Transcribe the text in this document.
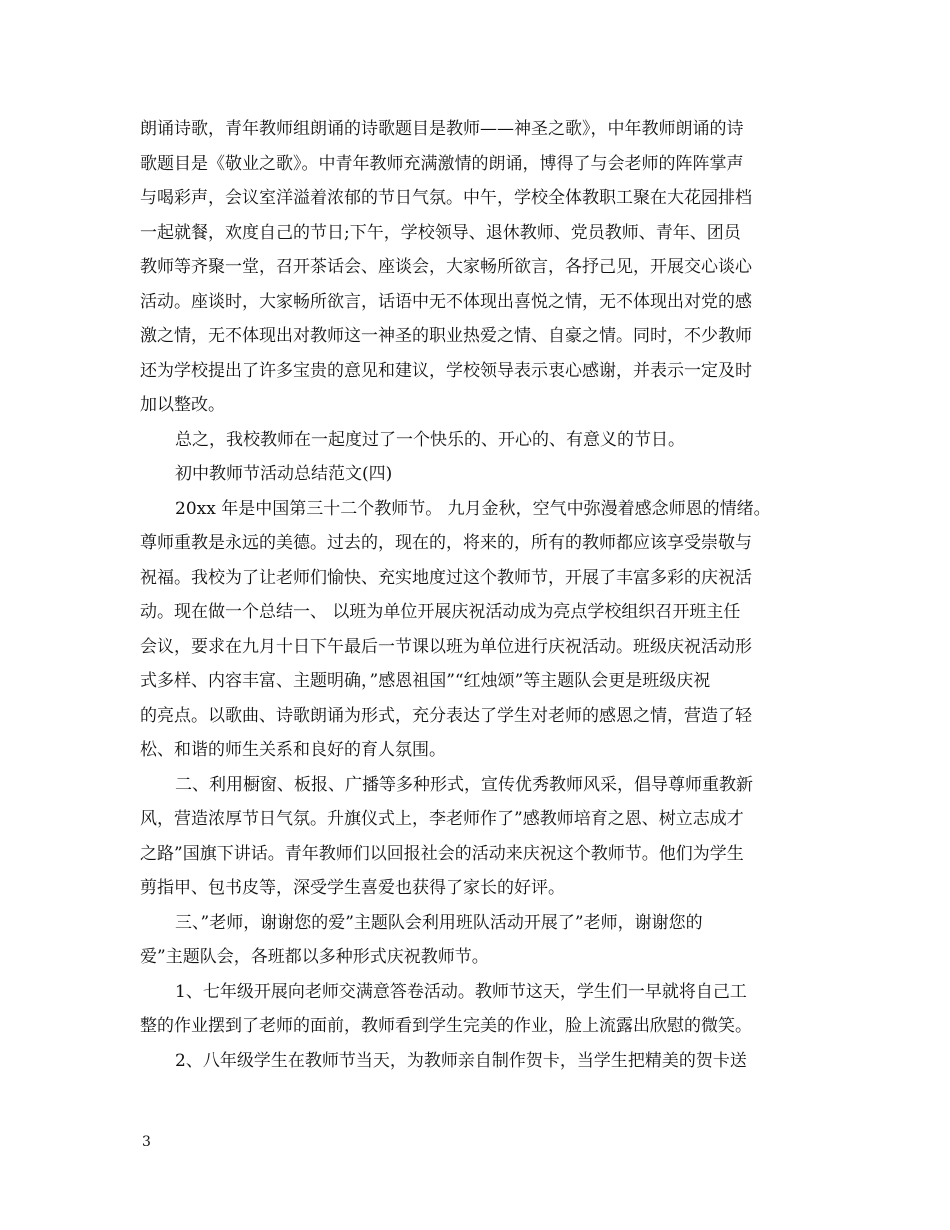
朗诵诗歌，青年教师组朗诵的诗歌题目是教师——神圣之歌》，中年教师朗诵的诗
歌题目是《敬业之歌》。中青年教师充满激情的朗诵，博得了与会老师的阵阵掌声
与喝彩声，会议室洋溢着浓郁的节日气氛。中午，学校全体教职工聚在大花园排档
一起就餐，欢度自己的节日;下午，学校领导、退休教师、党员教师、青年、团员
教师等齐聚一堂，召开茶话会、座谈会，大家畅所欲言，各抒己见，开展交心谈心
活动。座谈时，大家畅所欲言，话语中无不体现出喜悦之情，无不体现出对党的感
激之情，无不体现出对教师这一神圣的职业热爱之情、自豪之情。同时，不少教师
还为学校提出了许多宝贵的意见和建议，学校领导表示衷心感谢，并表示一定及时
加以整改。
总之，我校教师在一起度过了一个快乐的、开心的、有意义的节日。
初中教师节活动总结范文(四)
20xx 年是中国第三十二个教师节。 九月金秋，空气中弥漫着感念师恩的情绪。
尊师重教是永远的美德。过去的，现在的，将来的，所有的教师都应该享受崇敬与
祝福。我校为了让老师们愉快、充实地度过这个教师节，开展了丰富多彩的庆祝活
动。现在做一个总结一、 以班为单位开展庆祝活动成为亮点学校组织召开班主任
会议，要求在九月十日下午最后一节课以班为单位进行庆祝活动。班级庆祝活动形
式多样、内容丰富、主题明确，”感恩祖国”“红烛颂”等主题队会更是班级庆祝
的亮点。以歌曲、诗歌朗诵为形式，充分表达了学生对老师的感恩之情，营造了轻
松、和谐的师生关系和良好的育人氛围。
二、利用橱窗、板报、广播等多种形式，宣传优秀教师风采，倡导尊师重教新
风，营造浓厚节日气氛。升旗仪式上，李老师作了”感教师培育之恩、树立志成才
之路”国旗下讲话。青年教师们以回报社会的活动来庆祝这个教师节。他们为学生
剪指甲、包书皮等，深受学生喜爱也获得了家长的好评。
三、”老师，谢谢您的爱”主题队会利用班队活动开展了”老师，谢谢您的
爱”主题队会，各班都以多种形式庆祝教师节。
1、七年级开展向老师交满意答卷活动。教师节这天，学生们一早就将自己工
整的作业摆到了老师的面前，教师看到学生完美的作业，脸上流露出欣慰的微笑。
2、八年级学生在教师节当天，为教师亲自制作贺卡，当学生把精美的贺卡送
3
